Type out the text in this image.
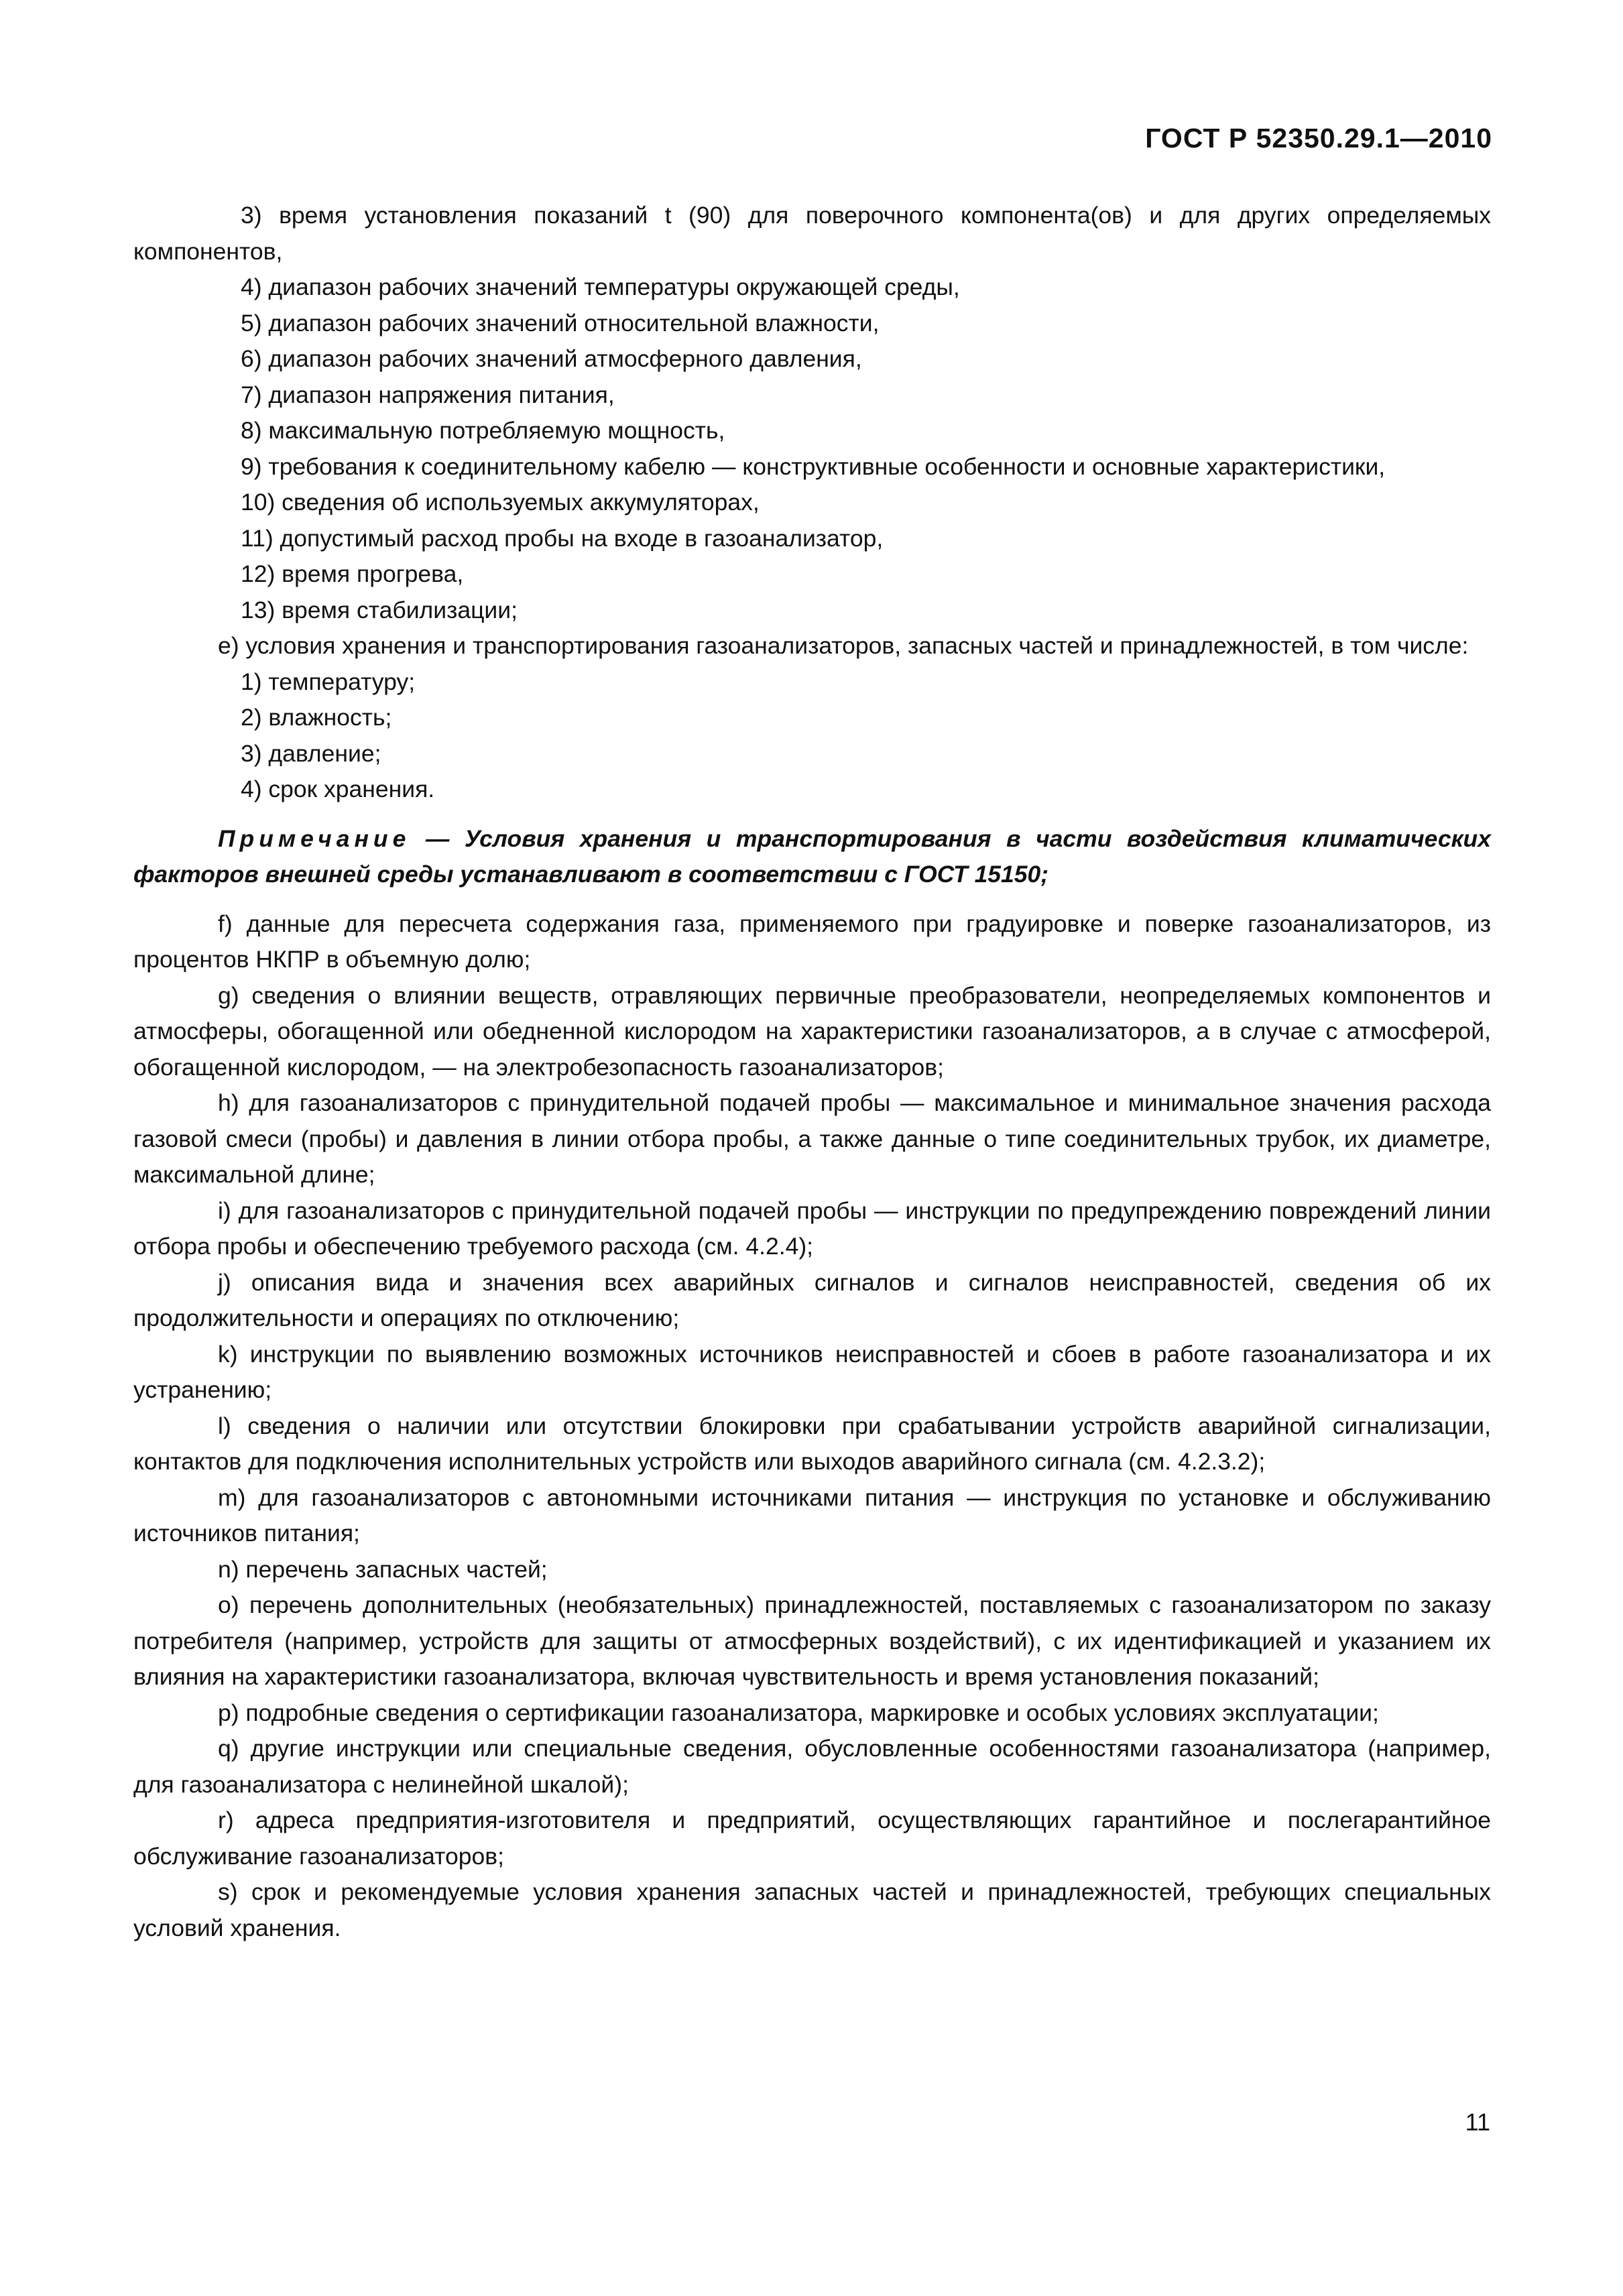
ГОСТ Р 52350.29.1—2010

3) время установления показаний t (90) для поверочного компонента(ов) и для других определяемых компонентов,

4) диапазон рабочих значений температуры окружающей среды,

5) диапазон рабочих значений относительной влажности,

6) диапазон рабочих значений атмосферного давления,

7) диапазон напряжения питания,

8) максимальную потребляемую мощность,

9) требования к соединительному кабелю — конструктивные особенности и основные характеристики,

10) сведения об используемых аккумуляторах,

11) допустимый расход пробы на входе в газоанализатор,

12) время прогрева,

13) время стабилизации;

e) условия хранения и транспортирования газоанализаторов, запасных частей и принадлежностей, в том числе:

1) температуру;

2) влажность;

3) давление;

4) срок хранения.

Примечание — Условия хранения и транспортирования в части воздействия климатических факторов внешней среды устанавливают в соответствии с ГОСТ 15150;

f) данные для пересчета содержания газа, применяемого при градуировке и поверке газоанализаторов, из процентов НКПР в объемную долю;

g) сведения о влиянии веществ, отравляющих первичные преобразователи, неопределяемых компонентов и атмосферы, обогащенной или обедненной кислородом на характеристики газоанализаторов, а в случае с атмосферой, обогащенной кислородом, — на электробезопасность газоанализаторов;

h) для газоанализаторов с принудительной подачей пробы — максимальное и минимальное значения расхода газовой смеси (пробы) и давления в линии отбора пробы, а также данные о типе соединительных трубок, их диаметре, максимальной длине;

i) для газоанализаторов с принудительной подачей пробы — инструкции по предупреждению повреждений линии отбора пробы и обеспечению требуемого расхода (см. 4.2.4);

j) описания вида и значения всех аварийных сигналов и сигналов неисправностей, сведения об их продолжительности и операциях по отключению;

k) инструкции по выявлению возможных источников неисправностей и сбоев в работе газоанализатора и их устранению;

l) сведения о наличии или отсутствии блокировки при срабатывании устройств аварийной сигнализации, контактов для подключения исполнительных устройств или выходов аварийного сигнала (см. 4.2.3.2);

m) для газоанализаторов с автономными источниками питания — инструкция по установке и обслуживанию источников питания;

n) перечень запасных частей;

o) перечень дополнительных (необязательных) принадлежностей, поставляемых с газоанализатором по заказу потребителя (например, устройств для защиты от атмосферных воздействий), с их идентификацией и указанием их влияния на характеристики газоанализатора, включая чувствительность и время установления показаний;

p) подробные сведения о сертификации газоанализатора, маркировке и особых условиях эксплуатации;

q) другие инструкции или специальные сведения, обусловленные особенностями газоанализатора (например, для газоанализатора с нелинейной шкалой);

r) адреса предприятия-изготовителя и предприятий, осуществляющих гарантийное и послегарантийное обслуживание газоанализаторов;

s) срок и рекомендуемые условия хранения запасных частей и принадлежностей, требующих специальных условий хранения.

11
